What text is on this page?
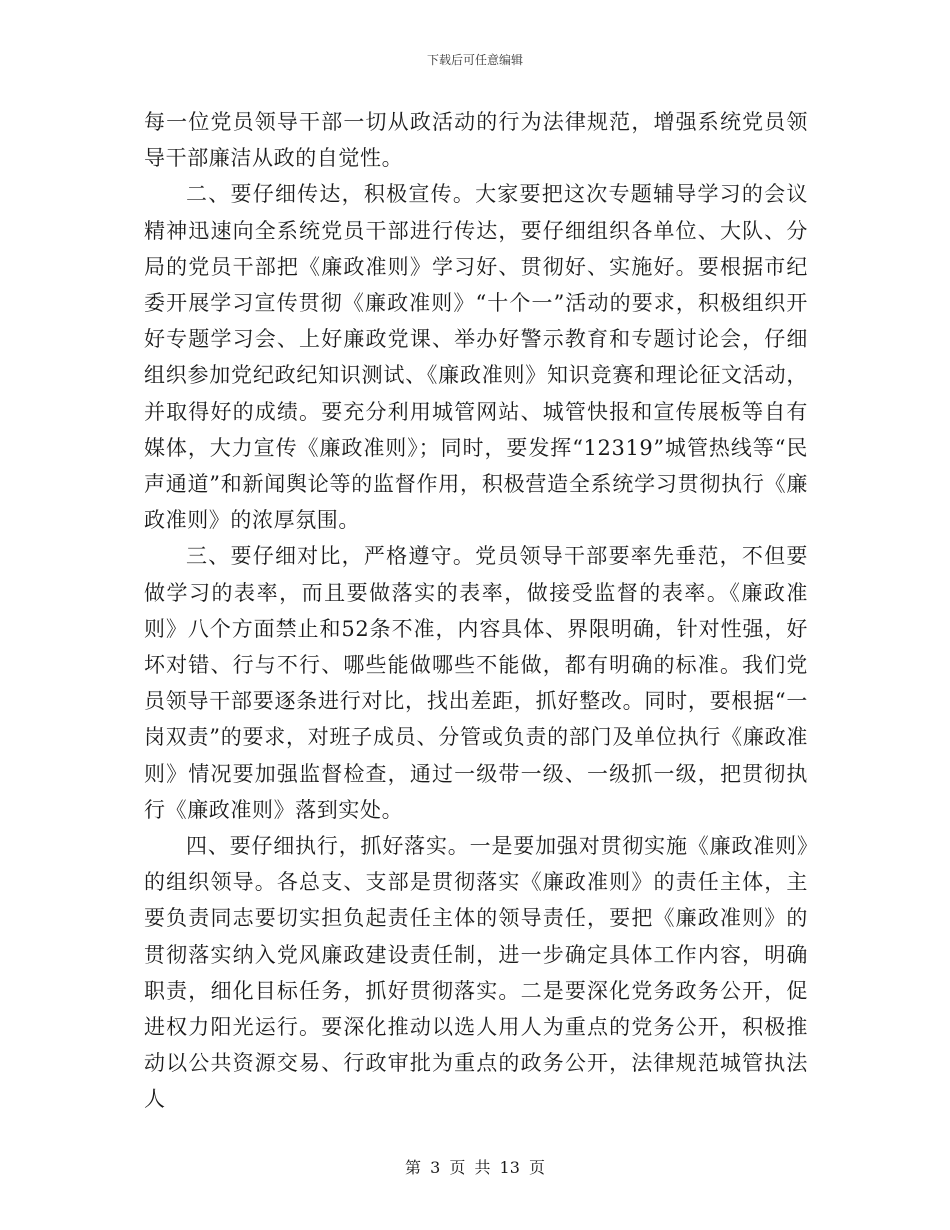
下载后可任意编辑

每一位党员领导干部一切从政活动的行为法律规范，增强系统党员领导干部廉洁从政的自觉性。

二、要仔细传达，积极宣传。大家要把这次专题辅导学习的会议精神迅速向全系统党员干部进行传达，要仔细组织各单位、大队、分局的党员干部把《廉政准则》学习好、贯彻好、实施好。要根据市纪委开展学习宣传贯彻《廉政准则》“十个一”活动的要求，积极组织开好专题学习会、上好廉政党课、举办好警示教育和专题讨论会，仔细组织参加党纪政纪知识测试、《廉政准则》知识竞赛和理论征文活动，并取得好的成绩。要充分利用城管网站、城管快报和宣传展板等自有媒体，大力宣传《廉政准则》；同时，要发挥“12319”城管热线等“民声通道”和新闻舆论等的监督作用，积极营造全系统学习贯彻执行《廉政准则》的浓厚氛围。

三、要仔细对比，严格遵守。党员领导干部要率先垂范，不但要做学习的表率，而且要做落实的表率，做接受监督的表率。《廉政准则》八个方面禁止和52条不准，内容具体、界限明确，针对性强，好坏对错、行与不行、哪些能做哪些不能做，都有明确的标准。我们党员领导干部要逐条进行对比，找出差距，抓好整改。同时，要根据“一岗双责”的要求，对班子成员、分管或负责的部门及单位执行《廉政准则》情况要加强监督检查，通过一级带一级、一级抓一级，把贯彻执行《廉政准则》落到实处。

四、要仔细执行，抓好落实。一是要加强对贯彻实施《廉政准则》的组织领导。各总支、支部是贯彻落实《廉政准则》的责任主体，主要负责同志要切实担负起责任主体的领导责任，要把《廉政准则》的贯彻落实纳入党风廉政建设责任制，进一步确定具体工作内容，明确职责，细化目标任务，抓好贯彻落实。二是要深化党务政务公开，促进权力阳光运行。要深化推动以选人用人为重点的党务公开，积极推动以公共资源交易、行政审批为重点的政务公开，法律规范城管执法人

第 3 页 共 13 页
